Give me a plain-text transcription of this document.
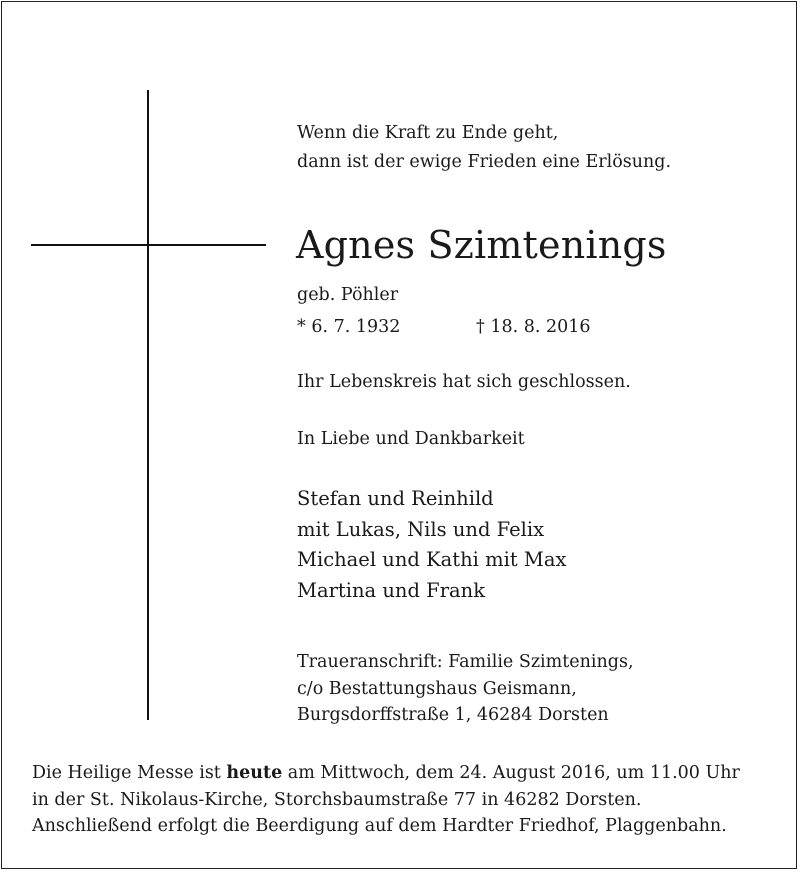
Wenn die Kraft zu Ende geht,
dann ist der ewige Frieden eine Erlösung.
Agnes Szimtenings
geb. Pöhler
* 6. 7. 1932	† 18. 8. 2016
Ihr Lebenskreis hat sich geschlossen.
In Liebe und Dankbarkeit
Stefan und Reinhild
mit Lukas, Nils und Felix
Michael und Kathi mit Max
Martina und Frank
Traueranschrift: Familie Szimtenings,
c/o Bestattungshaus Geismann,
Burgsdorffstraße 1, 46284 Dorsten
Die Heilige Messe ist heute am Mittwoch, dem 24. August 2016, um 11.00 Uhr
in der St. Nikolaus-Kirche, Storchsbaumstraße 77 in 46282 Dorsten.
Anschließend erfolgt die Beerdigung auf dem Hardter Friedhof, Plaggenbahn.
